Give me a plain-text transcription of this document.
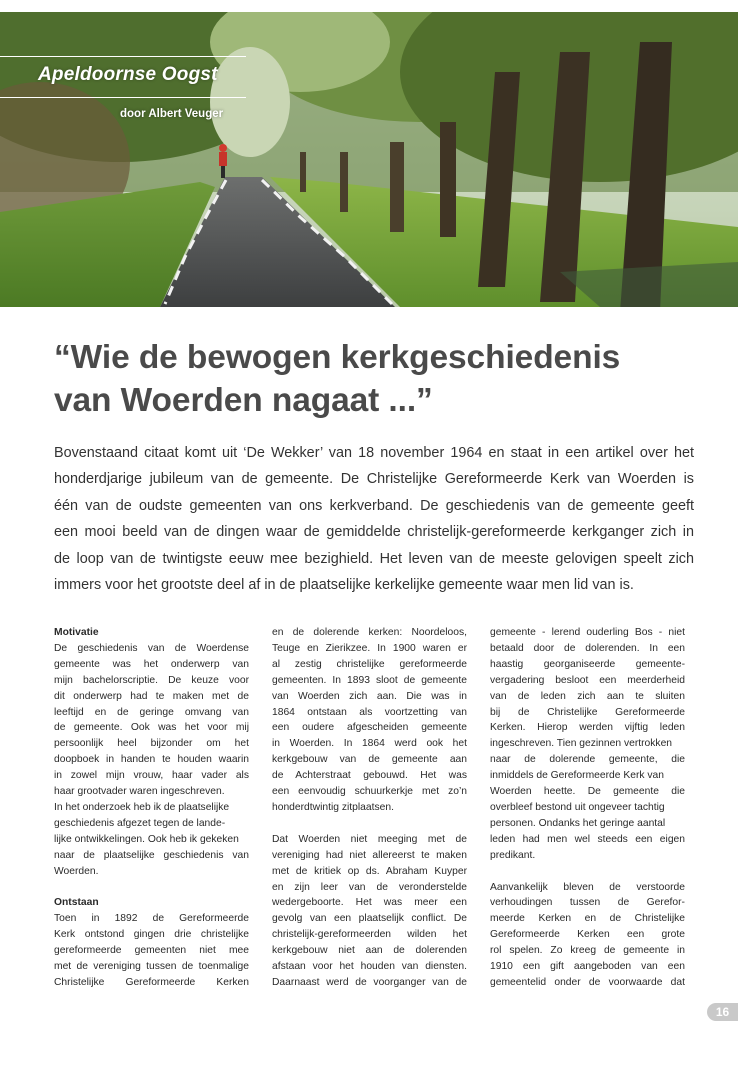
Apeldoornse Oogst
door Albert Veuger
“Wie de bewogen kerkgeschiedenis
van Woerden nagaat ...”
Bovenstaand citaat komt uit ‘De Wekker’ van 18 november 1964 en staat in een artikel over het
honderdjarige jubileum van de gemeente. De Christelijke Gereformeerde Kerk van Woerden is
één van de oudste gemeenten van ons kerkverband. De geschiedenis van de gemeente geeft
een mooi beeld van de dingen waar de gemiddelde christelijk-gereformeerde kerkganger zich in
de loop van de twintigste eeuw mee bezighield. Het leven van de meeste gelovigen speelt zich
immers voor het grootste deel af in de plaatselijke kerkelijke gemeente waar men lid van is.
Motivatie
De geschiedenis van de Woerdense
gemeente was het onderwerp van
mijn bachelorscriptie. De keuze voor
dit onderwerp had te maken met de
leeftijd en de geringe omvang van
de gemeente. Ook was het voor mij
persoonlijk heel bijzonder om het
doopboek in handen te houden waarin
in zowel mijn vrouw, haar vader als
haar grootvader waren ingeschreven.
In het onderzoek heb ik de plaatselijke
geschiedenis afgezet tegen de lande-
lijke ontwikkelingen. Ook heb ik gekeken
naar de plaatselijke geschiedenis van
Woerden.
Ontstaan
Toen in 1892 de Gereformeerde
Kerk ontstond gingen drie christelijke
gereformeerde gemeenten niet mee
met de vereniging tussen de toenmalige
Christelijke Gereformeerde Kerken
en de dolerende kerken: Noordeloos,
Teuge en Zierikzee. In 1900 waren er
al zestig christelijke gereformeerde
gemeenten. In 1893 sloot de gemeente
van Woerden zich aan. Die was in
1864 ontstaan als voortzetting van
een oudere afgescheiden gemeente
in Woerden. In 1864 werd ook het
kerkgebouw van de gemeente aan
de Achterstraat gebouwd. Het was
een eenvoudig schuurkerkje met zo’n
honderdtwintig zitplaatsen.
Dat Woerden niet meeging met de
vereniging had niet allereerst te maken
met de kritiek op ds. Abraham Kuyper
en zijn leer van de veronderstelde
wedergeboorte. Het was meer een
gevolg van een plaatselijk conflict. De
christelijk-gereformeerden wilden het
kerkgebouw niet aan de dolerenden
afstaan voor het houden van diensten.
Daarnaast werd de voorganger van de
gemeente - lerend ouderling Bos - niet
betaald door de dolerenden. In een
haastig georganiseerde gemeente-
vergadering besloot een meerderheid
van de leden zich aan te sluiten
bij de Christelijke Gereformeerde
Kerken. Hierop werden vijftig leden
ingeschreven. Tien gezinnen vertrokken
naar de dolerende gemeente, die
inmiddels de Gereformeerde Kerk van
Woerden heette. De gemeente die
overbleef bestond uit ongeveer tachtig
personen. Ondanks het geringe aantal
leden had men wel steeds een eigen
predikant.
Aanvankelijk bleven de verstoorde
verhoudingen tussen de Gerefor-
meerde Kerken en de Christelijke
Gereformeerde Kerken een grote
rol spelen. Zo kreeg de gemeente in
1910 een gift aangeboden van een
gemeentelid onder de voorwaarde dat
16
